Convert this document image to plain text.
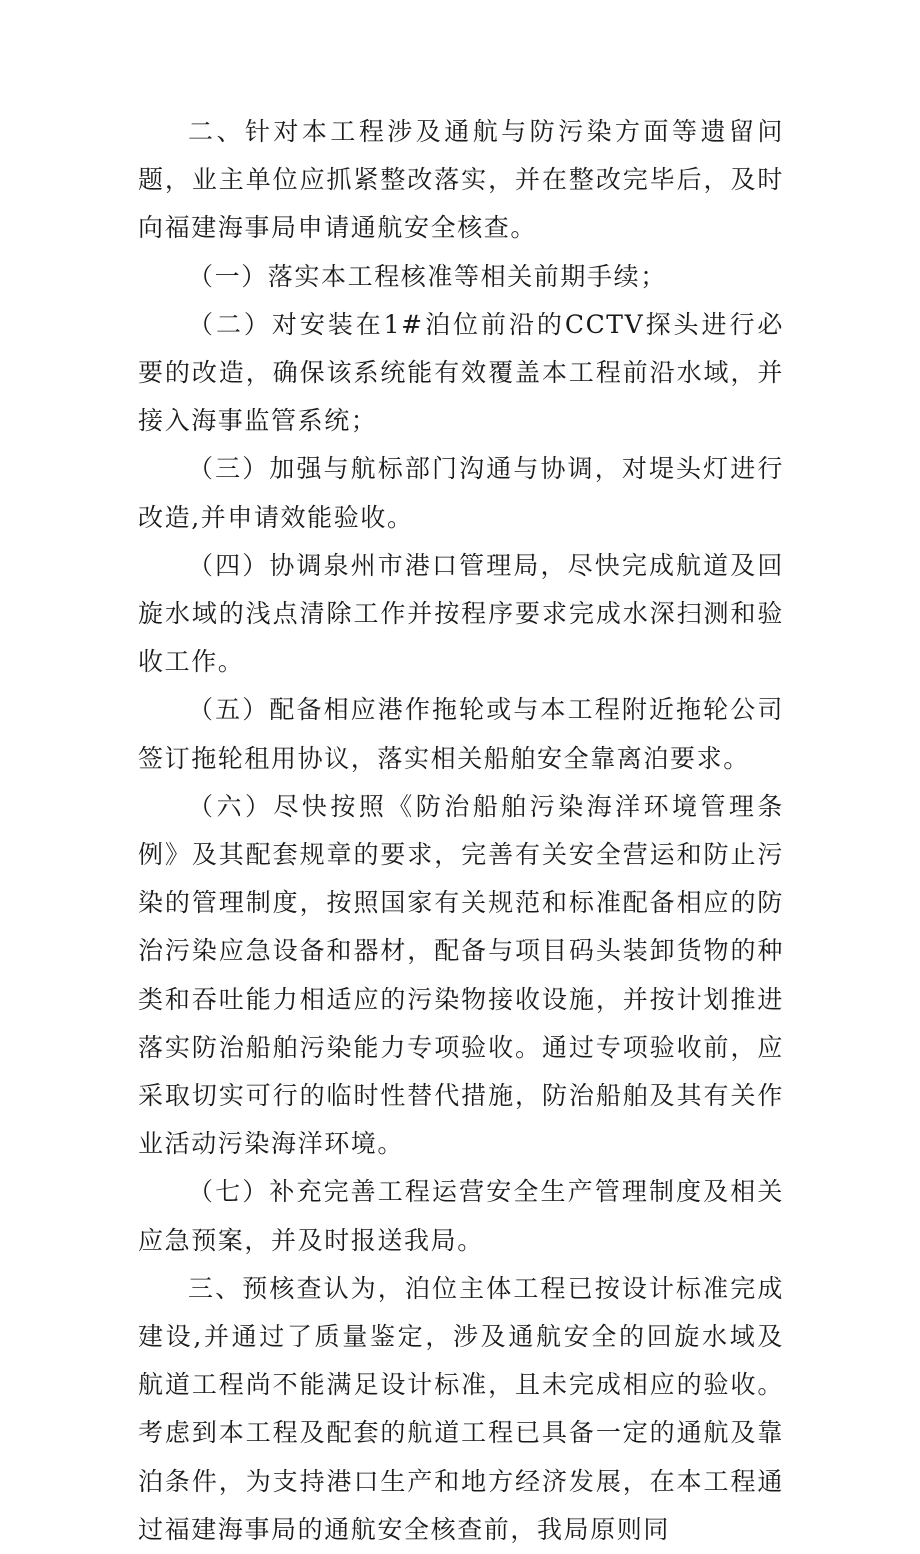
二、针对本工程涉及通航与防污染方面等遗留问题，业主单位应抓紧整改落实，并在整改完毕后，及时向福建海事局申请通航安全核查。

（一）落实本工程核准等相关前期手续；

（二）对安装在1#泊位前沿的CCTV探头进行必要的改造，确保该系统能有效覆盖本工程前沿水域，并接入海事监管系统；

（三）加强与航标部门沟通与协调，对堤头灯进行改造,并申请效能验收。

（四）协调泉州市港口管理局，尽快完成航道及回旋水域的浅点清除工作并按程序要求完成水深扫测和验收工作。

（五）配备相应港作拖轮或与本工程附近拖轮公司签订拖轮租用协议，落实相关船舶安全靠离泊要求。

（六）尽快按照《防治船舶污染海洋环境管理条例》及其配套规章的要求，完善有关安全营运和防止污染的管理制度，按照国家有关规范和标准配备相应的防治污染应急设备和器材，配备与项目码头装卸货物的种类和吞吐能力相适应的污染物接收设施，并按计划推进落实防治船舶污染能力专项验收。通过专项验收前，应采取切实可行的临时性替代措施，防治船舶及其有关作业活动污染海洋环境。

（七）补充完善工程运营安全生产管理制度及相关应急预案，并及时报送我局。

三、预核查认为，泊位主体工程已按设计标准完成建设,并通过了质量鉴定，涉及通航安全的回旋水域及航道工程尚不能满足设计标准，且未完成相应的验收。考虑到本工程及配套的航道工程已具备一定的通航及靠泊条件，为支持港口生产和地方经济发展，在本工程通过福建海事局的通航安全核查前，我局原则同
